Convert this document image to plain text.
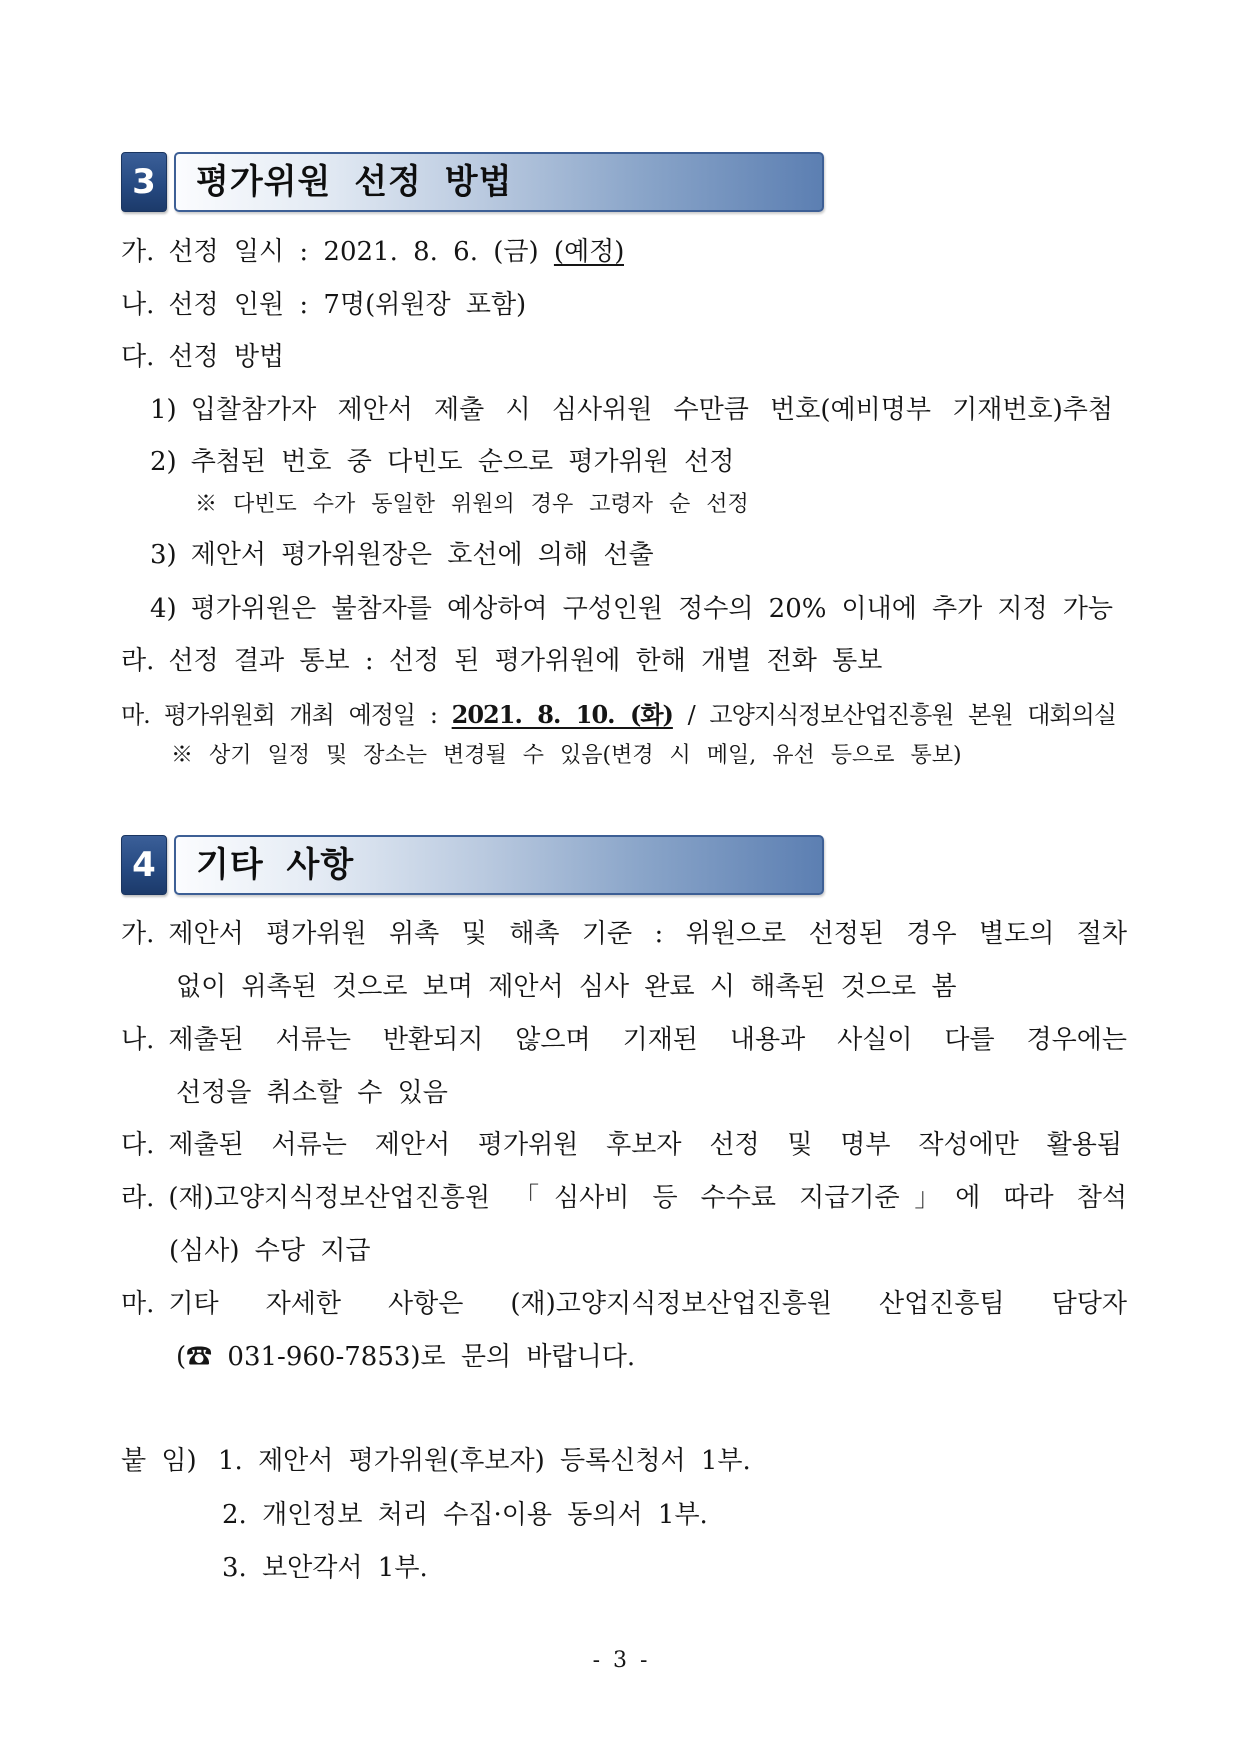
3	평가위원 선정 방법
가. 선정 일시 : 2021. 8. 6. (금) (예정)
나. 선정 인원 : 7명(위원장 포함)
다. 선정 방법
1) 입찰참가자 제안서 제출 시 심사위원 수만큼 번호(예비명부 기재번호)추첨
2) 추첨된 번호 중 다빈도 순으로 평가위원 선정
※ 다빈도 수가 동일한 위원의 경우 고령자 순 선정
3) 제안서 평가위원장은 호선에 의해 선출
4) 평가위원은 불참자를 예상하여 구성인원 정수의 20% 이내에 추가 지정 가능
라. 선정 결과 통보 : 선정 된 평가위원에 한해 개별 전화 통보
마. 평가위원회 개최 예정일 : 2021. 8. 10. (화) / 고양지식정보산업진흥원 본원 대회의실
※ 상기 일정 및 장소는 변경될 수 있음(변경 시 메일, 유선 등으로 통보)
4	기타 사항
가. 제안서 평가위원 위촉 및 해촉 기준 : 위원으로 선정된 경우 별도의 절차
없이 위촉된 것으로 보며 제안서 심사 완료 시 해촉된 것으로 봄
나. 제출된 서류는 반환되지 않으며 기재된 내용과 사실이 다를 경우에는
선정을 취소할 수 있음
다. 제출된 서류는 제안서 평가위원 후보자 선정 및 명부 작성에만 활용됨
라. (재)고양지식정보산업진흥원 「심사비 등 수수료 지급기준」에 따라 참석
(심사) 수당 지급
마. 기타 자세한 사항은 (재)고양지식정보산업진흥원 산업진흥팀 담당자
(☎ 031-960-7853)로 문의 바랍니다.
붙 임) 1. 제안서 평가위원(후보자) 등록신청서 1부.
2. 개인정보 처리 수집·이용 동의서 1부.
3. 보안각서 1부.
- 3 -
